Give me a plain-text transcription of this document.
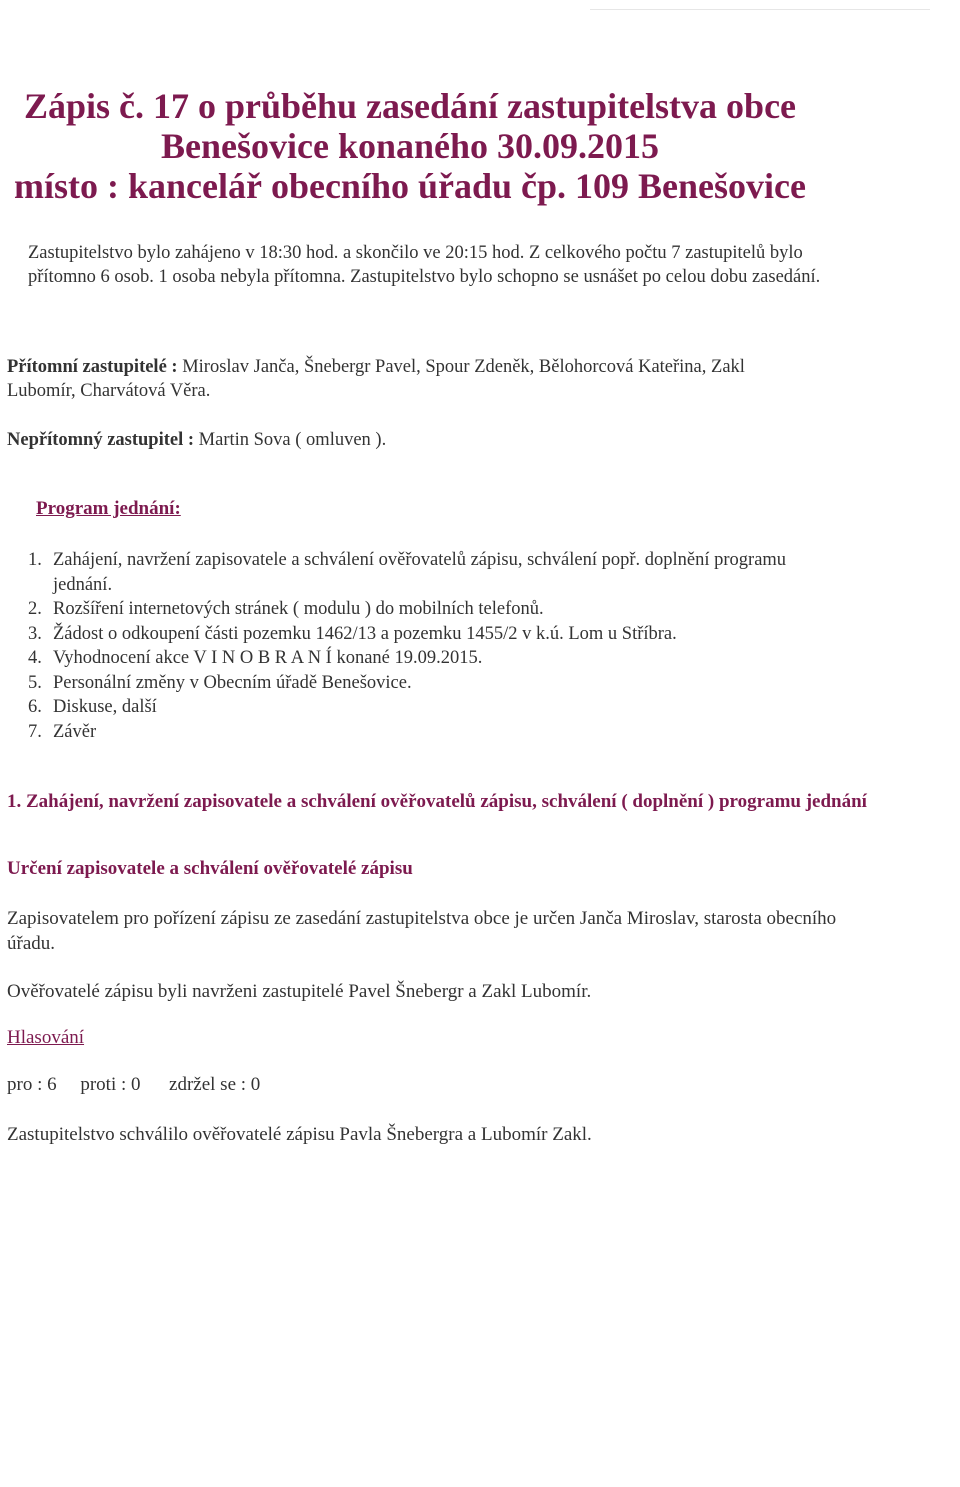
Zápis č. 17 o průběhu zasedání zastupitelstva obce
Benešovice konaného 30.09.2015
místo : kancelář obecního úřadu čp. 109 Benešovice
Zastupitelstvo bylo zahájeno v 18:30 hod. a skončilo ve 20:15 hod. Z celkového počtu 7 zastupitelů bylo přítomno 6 osob. 1 osoba nebyla přítomna. Zastupitelstvo bylo schopno se usnášet po celou dobu zasedání.
Přítomní zastupitelé : Miroslav Janča, Šnebergr Pavel, Spour Zdeněk, Bělohorcová Kateřina, Zakl Lubomír, Charvátová Věra.
Nepřítomný zastupitel : Martin Sova ( omluven ).
Program jednání:
1. Zahájení, navržení zapisovatele a schválení ověřovatelů zápisu, schválení popř. doplnění programu jednání.
2. Rozšíření internetových stránek ( modulu ) do mobilních telefonů.
3. Žádost o odkoupení části pozemku 1462/13 a pozemku 1455/2 v k.ú. Lom u Stříbra.
4. Vyhodnocení akce V I N O B R A N Í konané 19.09.2015.
5. Personální změny v Obecním úřadě Benešovice.
6. Diskuse, další
7. Závěr
1. Zahájení, navržení zapisovatele a schválení ověřovatelů zápisu, schválení ( doplnění ) programu jednání
Určení zapisovatele a schválení ověřovatelé zápisu
Zapisovatelem pro pořízení zápisu ze zasedání zastupitelstva obce je určen Janča Miroslav, starosta obecního úřadu.
Ověřovatelé zápisu byli navrženi zastupitelé Pavel Šnebergr a Zakl Lubomír.
Hlasování
pro : 6     proti : 0      zdržel se : 0
Zastupitelstvo schválilo ověřovatelé zápisu Pavla Šnebergra a Lubomír Zakl.
